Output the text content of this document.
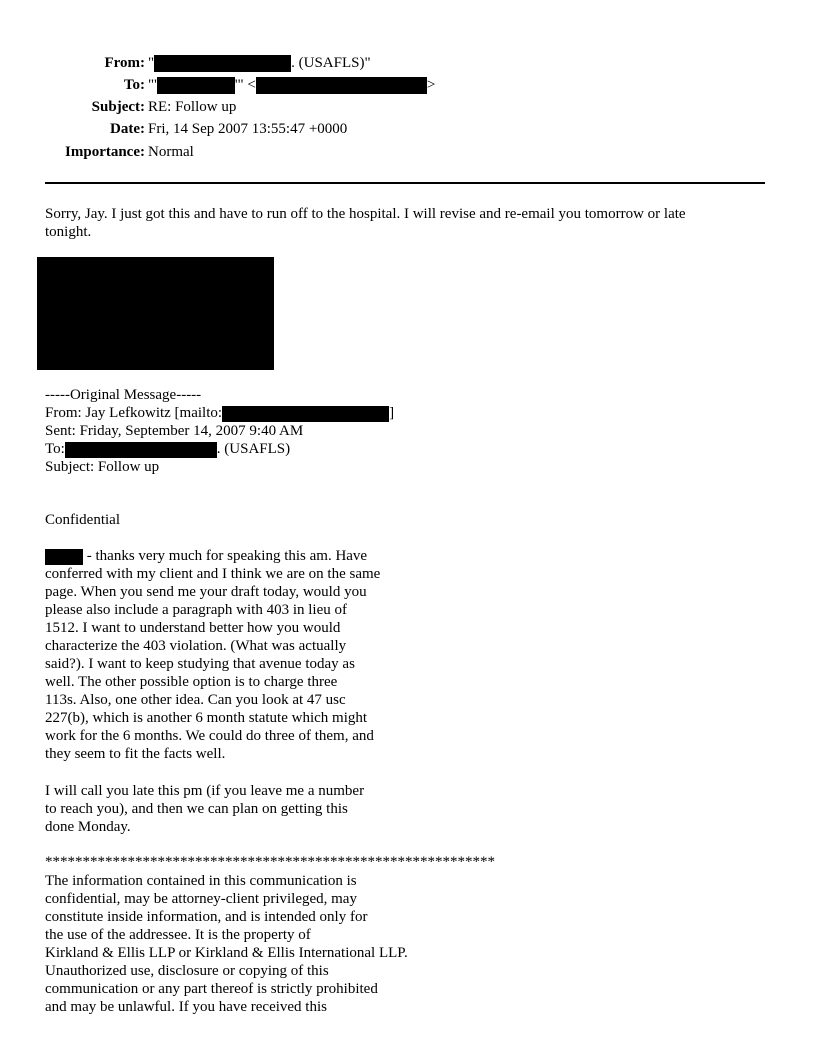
From: "	. (USAFLS)"
To: "'	'" <	>
Subject: RE: Follow up
Date: Fri, 14 Sep 2007 13:55:47 +0000
Importance: Normal
Sorry, Jay. I just got this and have to run off to the hospital. I will revise and re-email you tomorrow or late
tonight.
-----Original Message-----
From: Jay Lefkowitz [mailto:	]
Sent: Friday, September 14, 2007 9:40 AM
To:	. (USAFLS)
Subject: Follow up
Confidential
- thanks very much for speaking this am. Have
conferred with my client and I think we are on the same
page. When you send me your draft today, would you
please also include a paragraph with 403 in lieu of
1512. I want to understand better how you would
characterize the 403 violation. (What was actually
said?). I want to keep studying that avenue today as
well. The other possible option is to charge three
113s. Also, one other idea. Can you look at 47 usc
227(b), which is another 6 month statute which might
work for the 6 months. We could do three of them, and
they seem to fit the facts well.
I will call you late this pm (if you leave me a number
to reach you), and then we can plan on getting this
done Monday.
************************************************************
The information contained in this communication is
confidential, may be attorney-client privileged, may
constitute inside information, and is intended only for
the use of the addressee. It is the property of
Kirkland & Ellis LLP or Kirkland & Ellis International LLP.
Unauthorized use, disclosure or copying of this
communication or any part thereof is strictly prohibited
and may be unlawful. If you have received this
